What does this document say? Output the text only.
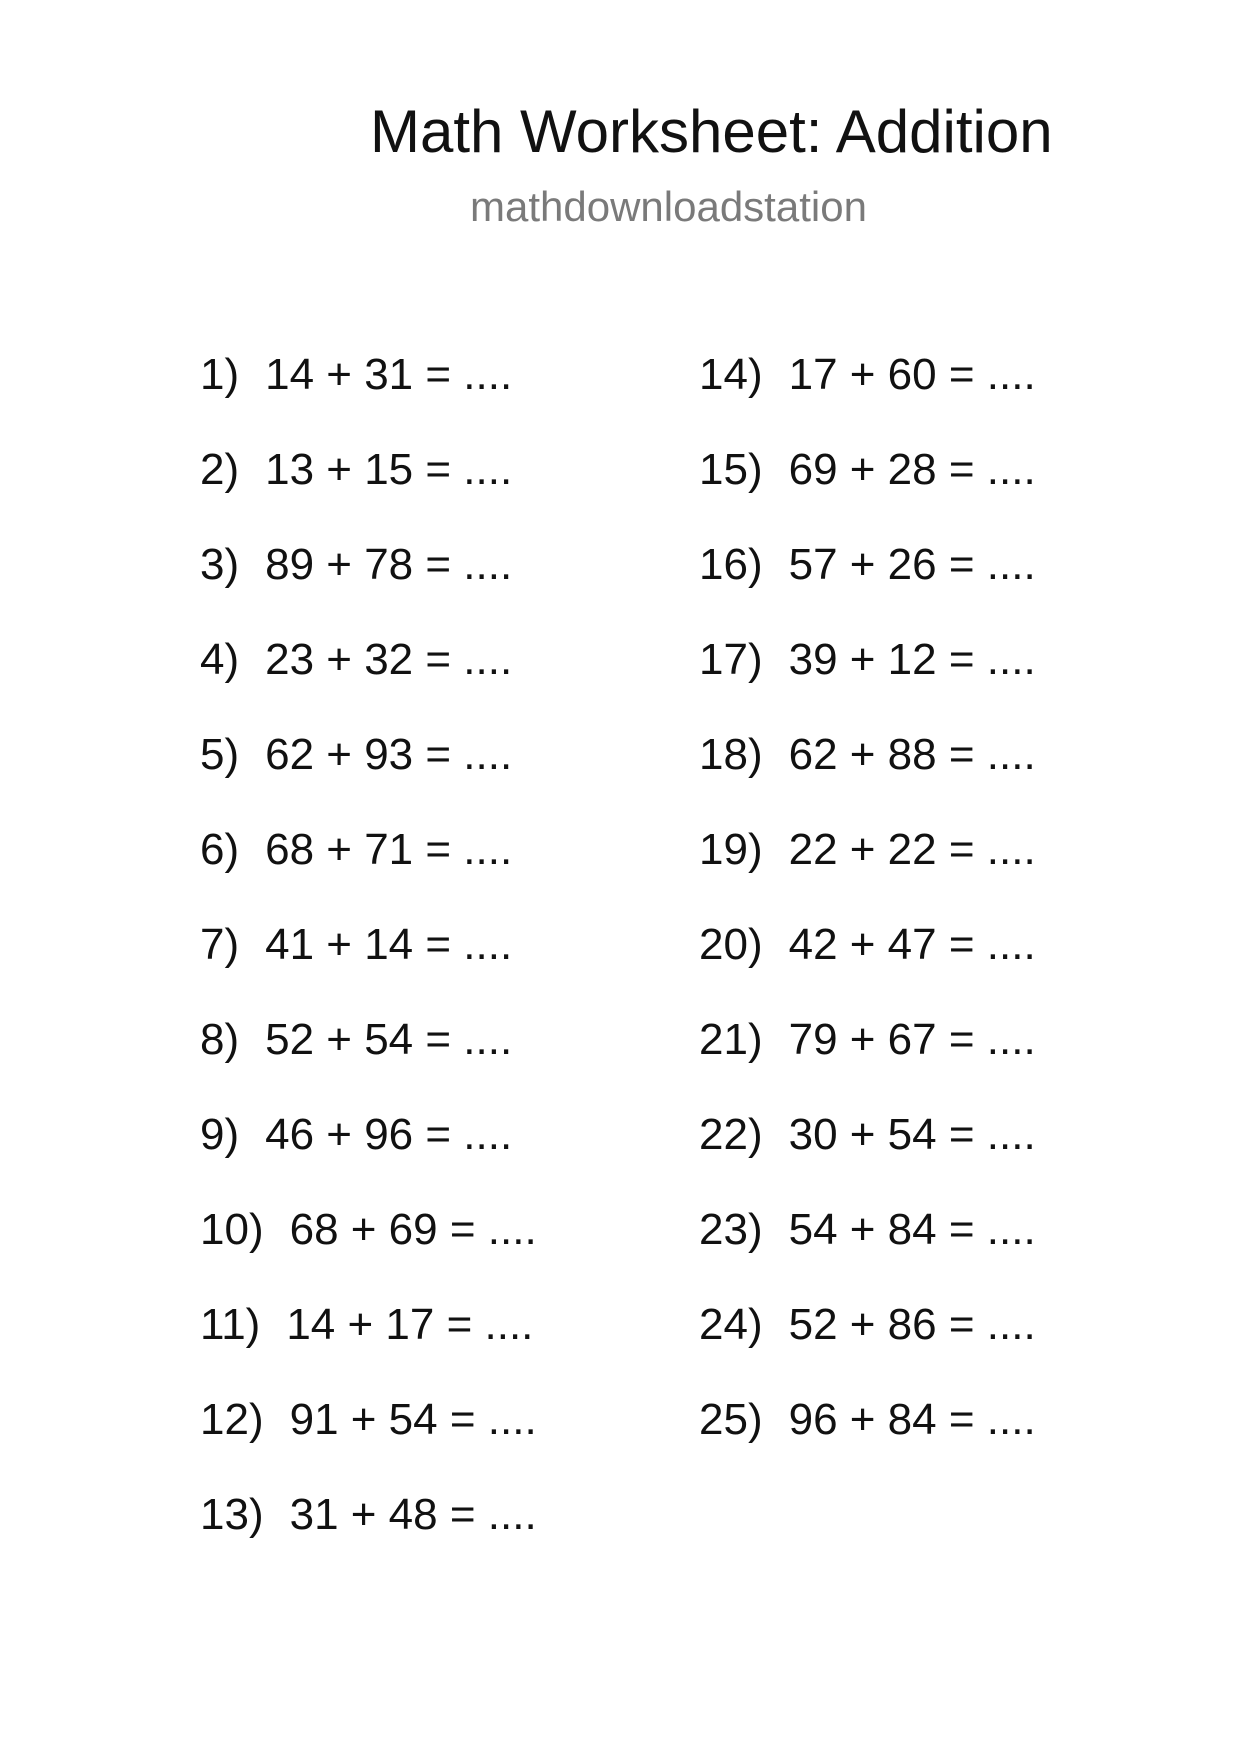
Math Worksheet: Addition
mathdownloadstation
1) 14 + 31 = ....
2) 13 + 15 = ....
3) 89 + 78 = ....
4) 23 + 32 = ....
5) 62 + 93 = ....
6) 68 + 71 = ....
7) 41 + 14 = ....
8) 52 + 54 = ....
9) 46 + 96 = ....
10) 68 + 69 = ....
11) 14 + 17 = ....
12) 91 + 54 = ....
13) 31 + 48 = ....
14) 17 + 60 = ....
15) 69 + 28 = ....
16) 57 + 26 = ....
17) 39 + 12 = ....
18) 62 + 88 = ....
19) 22 + 22 = ....
20) 42 + 47 = ....
21) 79 + 67 = ....
22) 30 + 54 = ....
23) 54 + 84 = ....
24) 52 + 86 = ....
25) 96 + 84 = ....
